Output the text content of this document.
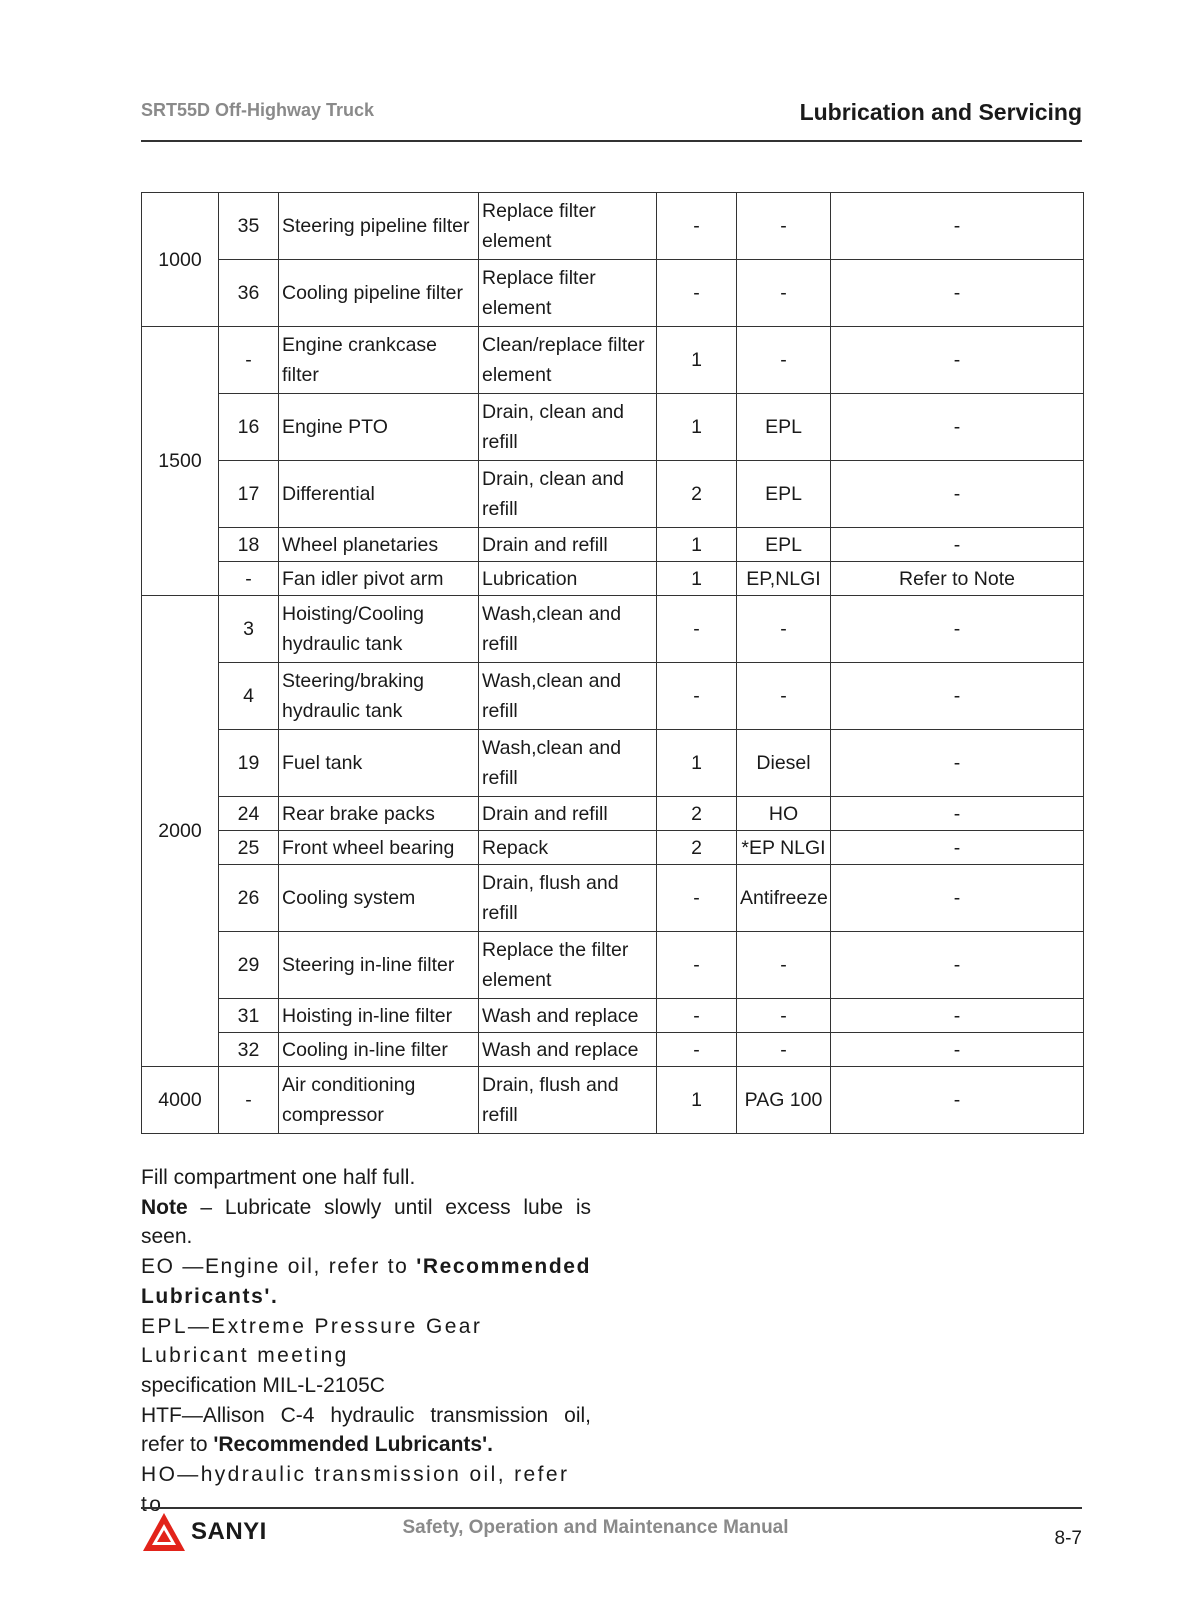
SRT55D Off-Highway Truck	Lubrication and Servicing
1000	35	Steering pipeline filter	Replace filter element	-	-	-
	36	Cooling pipeline filter	Replace filter element	-	-	-
1500	-	Engine crankcase filter	Clean/replace filter element	1	-	-
	16	Engine PTO	Drain, clean and refill	1	EPL	-
	17	Differential	Drain, clean and refill	2	EPL	-
	18	Wheel planetaries	Drain and refill	1	EPL	-
	-	Fan idler pivot arm	Lubrication	1	EP,NLGI	Refer to Note
2000	3	Hoisting/Cooling hydraulic tank	Wash,clean and refill	-	-	-
	4	Steering/braking hydraulic tank	Wash,clean and refill	-	-	-
	19	Fuel tank	Wash,clean and refill	1	Diesel	-
	24	Rear brake packs	Drain and refill	2	HO	-
	25	Front wheel bearing	Repack	2	*EP NLGI	-
	26	Cooling system	Drain, flush and refill	-	Antifreeze	-
	29	Steering in-line filter	Replace the filter element	-	-	-
	31	Hoisting in-line filter	Wash and replace	-	-	-
	32	Cooling in-line filter	Wash and replace	-	-	-
4000	-	Air conditioning compressor	Drain, flush and refill	1	PAG 100	-

Fill compartment one half full.

Note – Lubricate slowly until excess lube is seen.

EO —Engine oil, refer to 'Recommended Lubricants'.

EPL—Extreme Pressure Gear Lubricant meeting

specification MIL-L-2105C

HTF—Allison C-4 hydraulic transmission oil, refer to 'Recommended Lubricants'.

HO—hydraulic transmission oil, refer to

SANYI	Safety, Operation and Maintenance Manual
8-7
